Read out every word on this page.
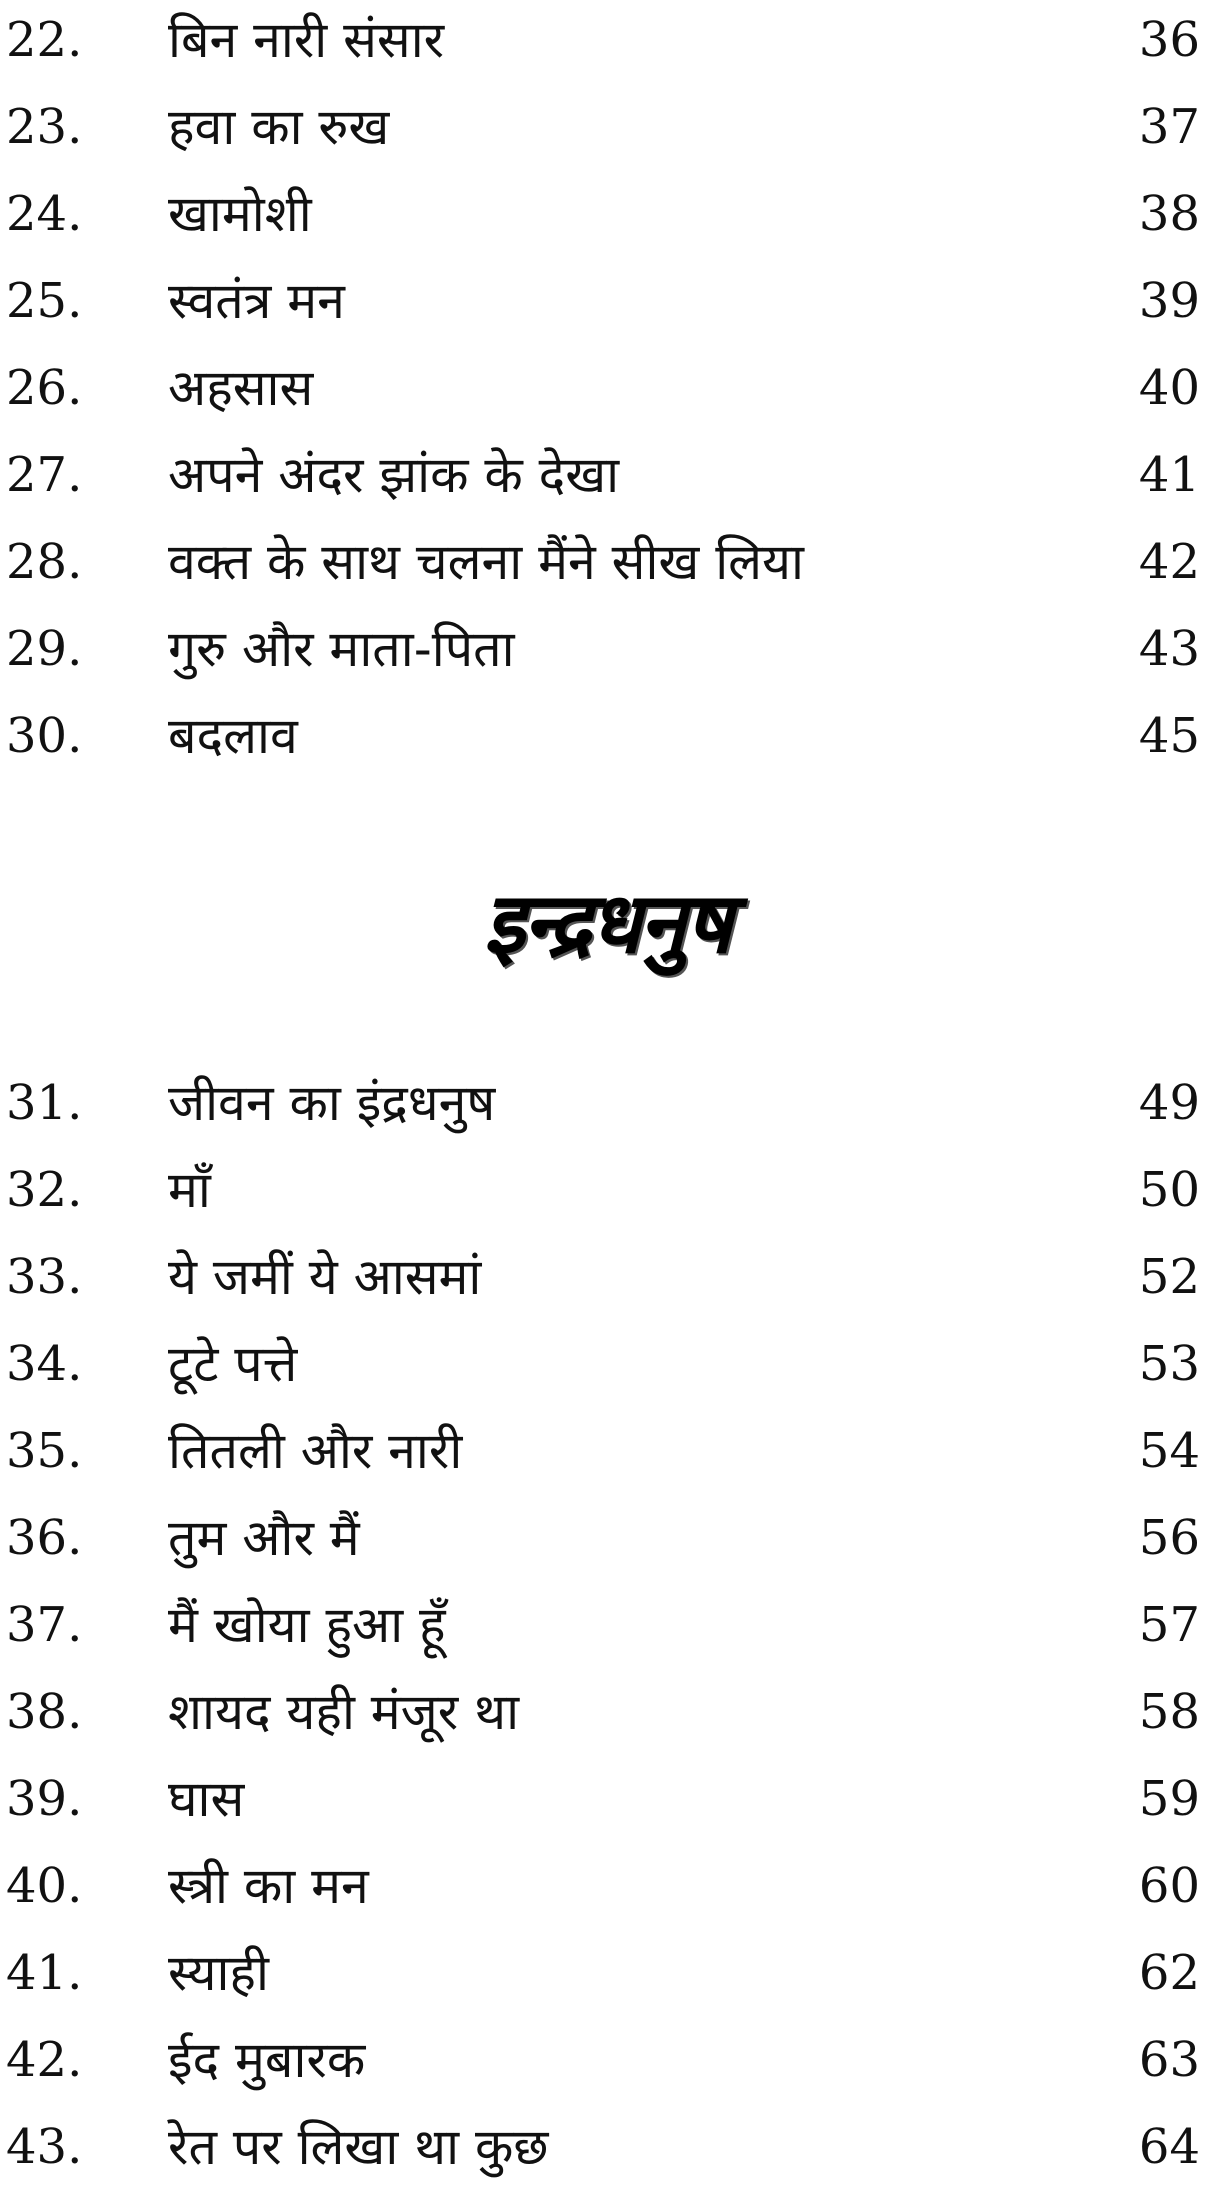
22. बिन नारी संसार	36
23. हवा का रुख	37
24. खामोशी	38
25. स्वतंत्र मन	39
26. अहसास	40
27. अपने अंदर झांक के देखा	41
28. वक्त के साथ चलना मैंने सीख लिया	42
29. गुरु और माता-पिता	43
30. बदलाव	45
इन्द्रधनुष
31. जीवन का इंद्रधनुष	49
32. माँ	50
33. ये जमीं ये आसमां	52
34. टूटे पत्ते	53
35. तितली और नारी	54
36. तुम और मैं	56
37. मैं खोया हुआ हूँ	57
38. शायद यही मंजूर था	58
39. घास	59
40. स्त्री का मन	60
41. स्याही	62
42. ईद मुबारक	63
43. रेत पर लिखा था कुछ	64
